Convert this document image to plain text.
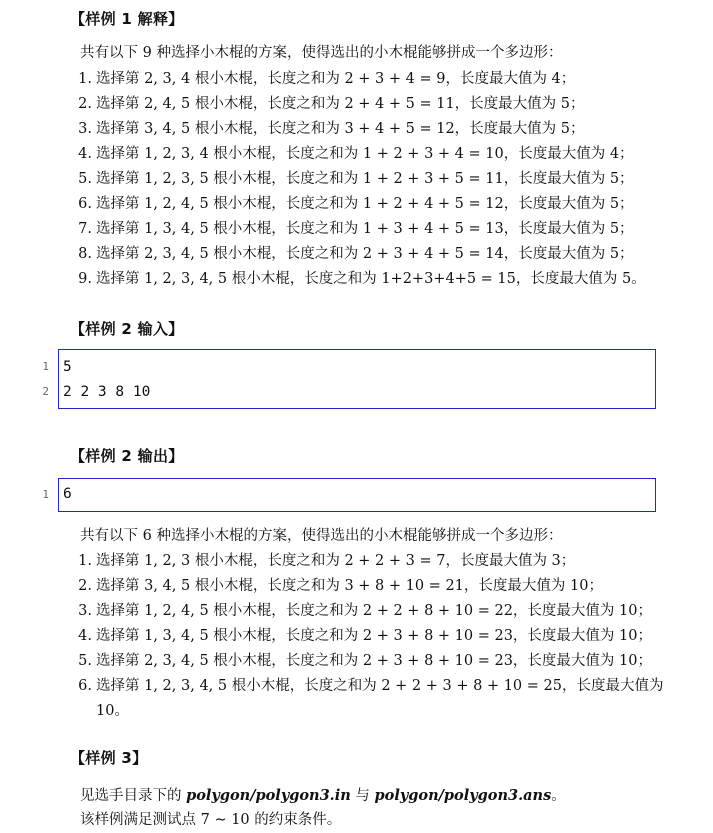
【样例 1 解释】
共有以下 9 种选择小木棍的方案，使得选出的小木棍能够拼成一个多边形：
1. 选择第 2, 3, 4 根小木棍，长度之和为 2 + 3 + 4 = 9，长度最大值为 4；
2. 选择第 2, 4, 5 根小木棍，长度之和为 2 + 4 + 5 = 11，长度最大值为 5；
3. 选择第 3, 4, 5 根小木棍，长度之和为 3 + 4 + 5 = 12，长度最大值为 5；
4. 选择第 1, 2, 3, 4 根小木棍，长度之和为 1 + 2 + 3 + 4 = 10，长度最大值为 4；
5. 选择第 1, 2, 3, 5 根小木棍，长度之和为 1 + 2 + 3 + 5 = 11，长度最大值为 5；
6. 选择第 1, 2, 4, 5 根小木棍，长度之和为 1 + 2 + 4 + 5 = 12，长度最大值为 5；
7. 选择第 1, 3, 4, 5 根小木棍，长度之和为 1 + 3 + 4 + 5 = 13，长度最大值为 5；
8. 选择第 2, 3, 4, 5 根小木棍，长度之和为 2 + 3 + 4 + 5 = 14，长度最大值为 5；
9. 选择第 1, 2, 3, 4, 5 根小木棍，长度之和为 1+2+3+4+5 = 15，长度最大值为 5。
【样例 2 输入】
1
2
5
2 2 3 8 10
【样例 2 输出】
1 6
共有以下 6 种选择小木棍的方案，使得选出的小木棍能够拼成一个多边形：
1. 选择第 1, 2, 3 根小木棍，长度之和为 2 + 2 + 3 = 7，长度最大值为 3；
2. 选择第 3, 4, 5 根小木棍，长度之和为 3 + 8 + 10 = 21，长度最大值为 10；
3. 选择第 1, 2, 4, 5 根小木棍，长度之和为 2 + 2 + 8 + 10 = 22，长度最大值为 10；
4. 选择第 1, 3, 4, 5 根小木棍，长度之和为 2 + 3 + 8 + 10 = 23，长度最大值为 10；
5. 选择第 2, 3, 4, 5 根小木棍，长度之和为 2 + 3 + 8 + 10 = 23，长度最大值为 10；
6. 选择第 1, 2, 3, 4, 5 根小木棍，长度之和为 2 + 2 + 3 + 8 + 10 = 25，长度最大值为
10。
【样例 3】
见选手目录下的 polygon/polygon3.in 与 polygon/polygon3.ans。
该样例满足测试点 7 ∼ 10 的约束条件。
